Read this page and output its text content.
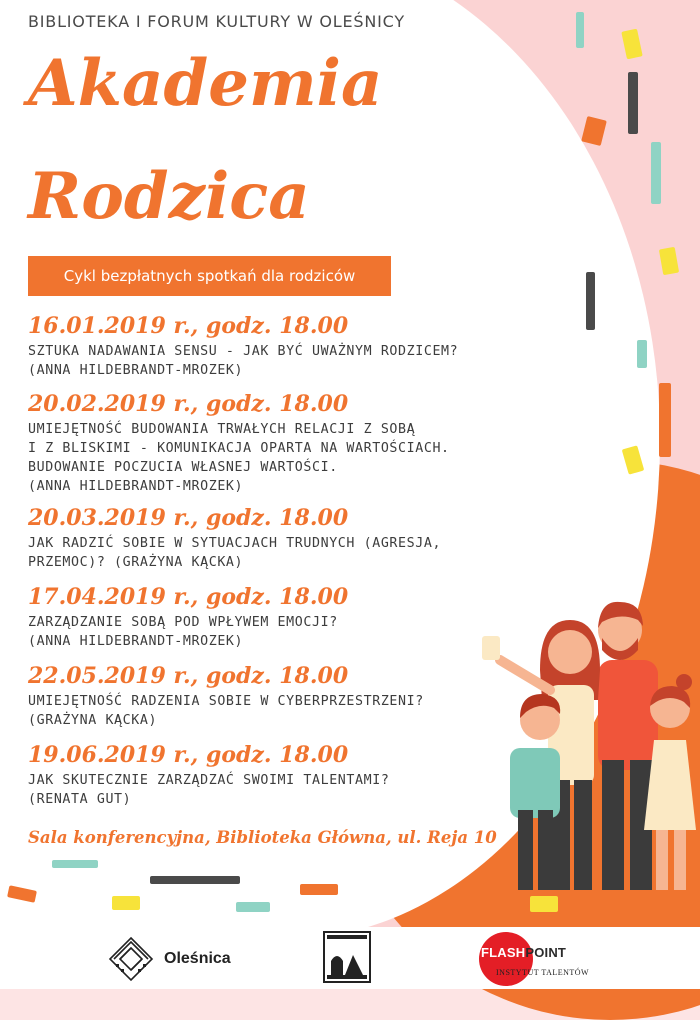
BIBLIOTEKA I FORUM KULTURY W OLEŚNICY
Akademia
Rodzica
Cykl bezpłatnych spotkań dla rodziców
16.01.2019 r., godz. 18.00
SZTUKA NADAWANIA SENSU - JAK BYĆ UWAŻNYM RODZICEM?
(ANNA HILDEBRANDT-MROZEK)
20.02.2019 r., godz. 18.00
UMIEJĘTNOŚĆ BUDOWANIA TRWAŁYCH RELACJI Z SOBĄ
I Z BLISKIMI - KOMUNIKACJA OPARTA NA WARTOŚCIACH.
BUDOWANIE POCZUCIA WŁASNEJ WARTOŚCI.
(ANNA HILDEBRANDT-MROZEK)
20.03.2019 r., godz. 18.00
JAK RADZIĆ SOBIE W SYTUACJACH TRUDNYCH (AGRESJA,
PRZEMOC)? (GRAŻYNA KĄCKA)
17.04.2019 r., godz. 18.00
ZARZĄDZANIE SOBĄ POD WPŁYWEM EMOCJI?
(ANNA HILDEBRANDT-MROZEK)
22.05.2019 r., godz. 18.00
UMIEJĘTNOŚĆ RADZENIA SOBIE W CYBERPRZESTRZENI?
(GRAŻYNA KĄCKA)
19.06.2019 r., godz. 18.00
JAK SKUTECZNIE ZARZĄDZAĆ SWOIMI TALENTAMI?
(RENATA GUT)
Sala konferencyjna, Biblioteka Główna, ul. Reja 10
Oleśnica	FLASHPOINT
INSTYTUT TALENTÓW
